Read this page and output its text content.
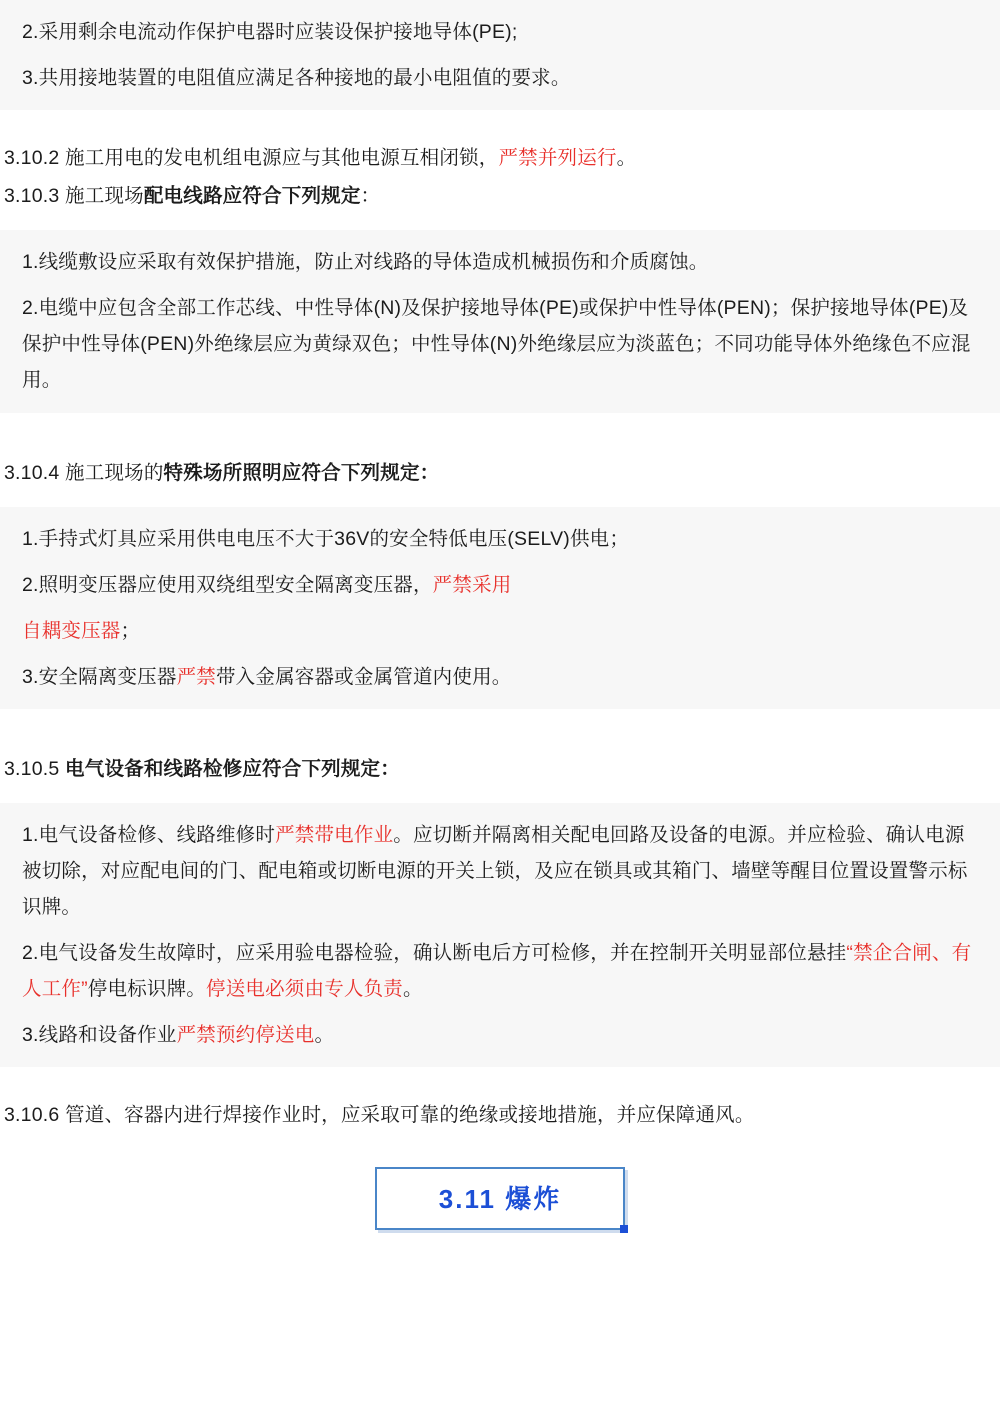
2.采用剩余电流动作保护电器时应装设保护接地导体(PE);

3.共用接地装置的电阻值应满足各种接地的最小电阻值的要求。

3.10.2 施工用电的发电机组电源应与其他电源互相闭锁，严禁并列运行。

3.10.3 施工现场配电线路应符合下列规定：

1.线缆敷设应采取有效保护措施，防止对线路的导体造成机械损伤和介质腐蚀。

2.电缆中应包含全部工作芯线、中性导体(N)及保护接地导体(PE)或保护中性导体(PEN)；保护接地导体(PE)及保护中性导体(PEN)外绝缘层应为黄绿双色；中性导体(N)外绝缘层应为淡蓝色；不同功能导体外绝缘色不应混用。

3.10.4 施工现场的特殊场所照明应符合下列规定：

1.手持式灯具应采用供电电压不大于36V的安全特低电压(SELV)供电；

2.照明变压器应使用双绕组型安全隔离变压器，严禁采用

自耦变压器；

3.安全隔离变压器严禁带入金属容器或金属管道内使用。

3.10.5 电气设备和线路检修应符合下列规定：

1.电气设备检修、线路维修时严禁带电作业。应切断并隔离相关配电回路及设备的电源。并应检验、确认电源被切除，对应配电间的门、配电箱或切断电源的开关上锁，及应在锁具或其箱门、墙壁等醒目位置设置警示标识牌。

2.电气设备发生故障时，应采用验电器检验，确认断电后方可检修，并在控制开关明显部位悬挂“禁企合闸、有人工作”停电标识牌。停送电必须由专人负责。

3.线路和设备作业严禁预约停送电。

3.10.6 管道、容器内进行焊接作业时，应采取可靠的绝缘或接地措施，并应保障通风。

3.11 爆炸
